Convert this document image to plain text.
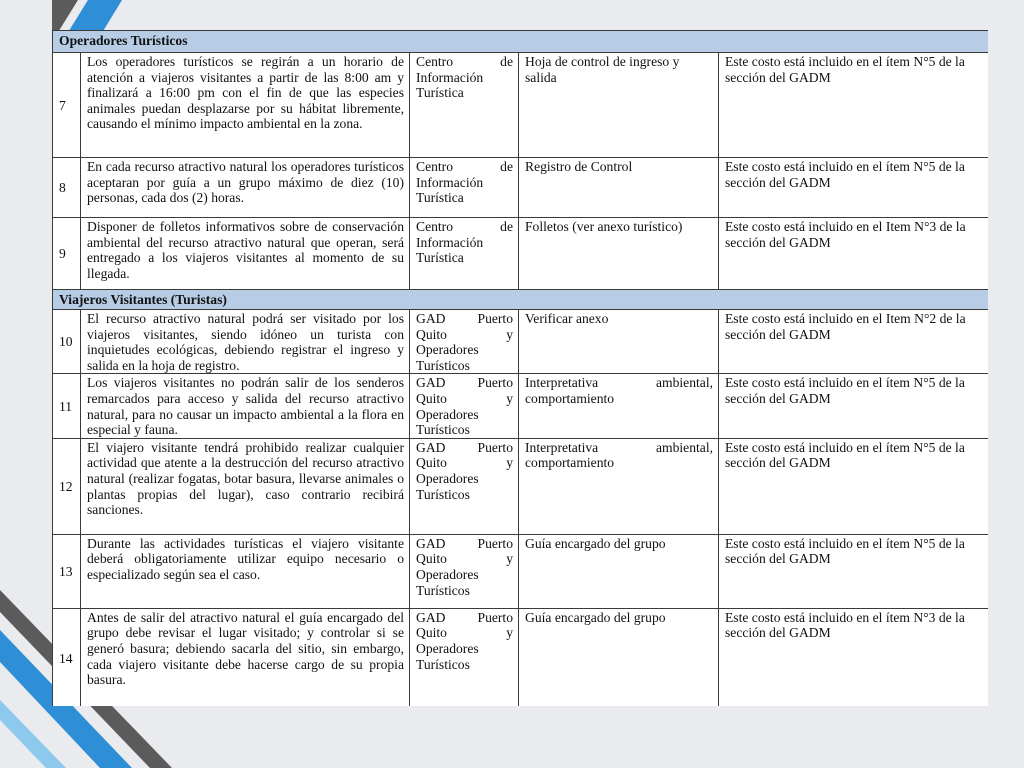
Operadores Turísticos				
7	Los operadores turísticos se regirán a un horario de atención a viajeros visitantes a partir de las 8:00 am y finalizará a 16:00 pm con el fin de que las especies animales puedan desplazarse por su hábitat libremente, causando el mínimo impacto ambiental en la zona.	Centro de Información Turística	Hoja de control de ingreso y salida	Este costo está incluido en el ítem N°5 de la sección del GADM
8	En cada recurso atractivo natural los operadores turísticos aceptaran por guía a un grupo máximo de diez (10) personas, cada dos (2) horas.	Centro de Información Turística	Registro de Control	Este costo está incluido en el ítem N°5 de la sección del GADM
9	Disponer de folletos informativos sobre de conservación ambiental del recurso atractivo natural que operan, será entregado a los viajeros visitantes al momento de su llegada.	Centro de Información Turística	Folletos (ver anexo turístico)	Este costo está incluido en el Item N°3 de la sección del GADM
Viajeros Visitantes (Turistas)				
10	El recurso atractivo natural podrá ser visitado por los viajeros visitantes, siendo idóneo un turista con inquietudes ecológicas, debiendo registrar el ingreso y salida en la hoja de registro.	GAD Puerto Quito y Operadores Turísticos	Verificar anexo	Este costo está incluido en el Item N°2 de la sección del GADM
11	Los viajeros visitantes no podrán salir de los senderos remarcados para acceso y salida del recurso atractivo natural, para no causar un impacto ambiental a la flora en especial y fauna.	GAD Puerto Quito y Operadores Turísticos	Interpretativa ambiental, comportamiento	Este costo está incluido en el ítem N°5 de la sección del GADM
12	El viajero visitante tendrá prohibido realizar cualquier actividad que atente a la destrucción del recurso atractivo natural (realizar fogatas, botar basura, llevarse animales o plantas propias del lugar), caso contrario recibirá sanciones.	GAD Puerto Quito y Operadores Turísticos	Interpretativa ambiental, comportamiento	Este costo está incluido en el ítem N°5 de la sección del GADM
13	Durante las actividades turísticas el viajero visitante deberá obligatoriamente utilizar equipo necesario o especializado según sea el caso.	GAD Puerto Quito y Operadores Turísticos	Guía encargado del grupo	Este costo está incluido en el ítem N°5 de la sección del GADM
14	Antes de salir del atractivo natural el guía encargado del grupo debe revisar el lugar visitado; y controlar si se generó basura; debiendo sacarla del sitio, sin embargo, cada viajero visitante debe hacerse cargo de su propia basura.	GAD Puerto Quito y Operadores Turísticos	Guía encargado del grupo	Este costo está incluido en el ítem N°3 de la sección del GADM
